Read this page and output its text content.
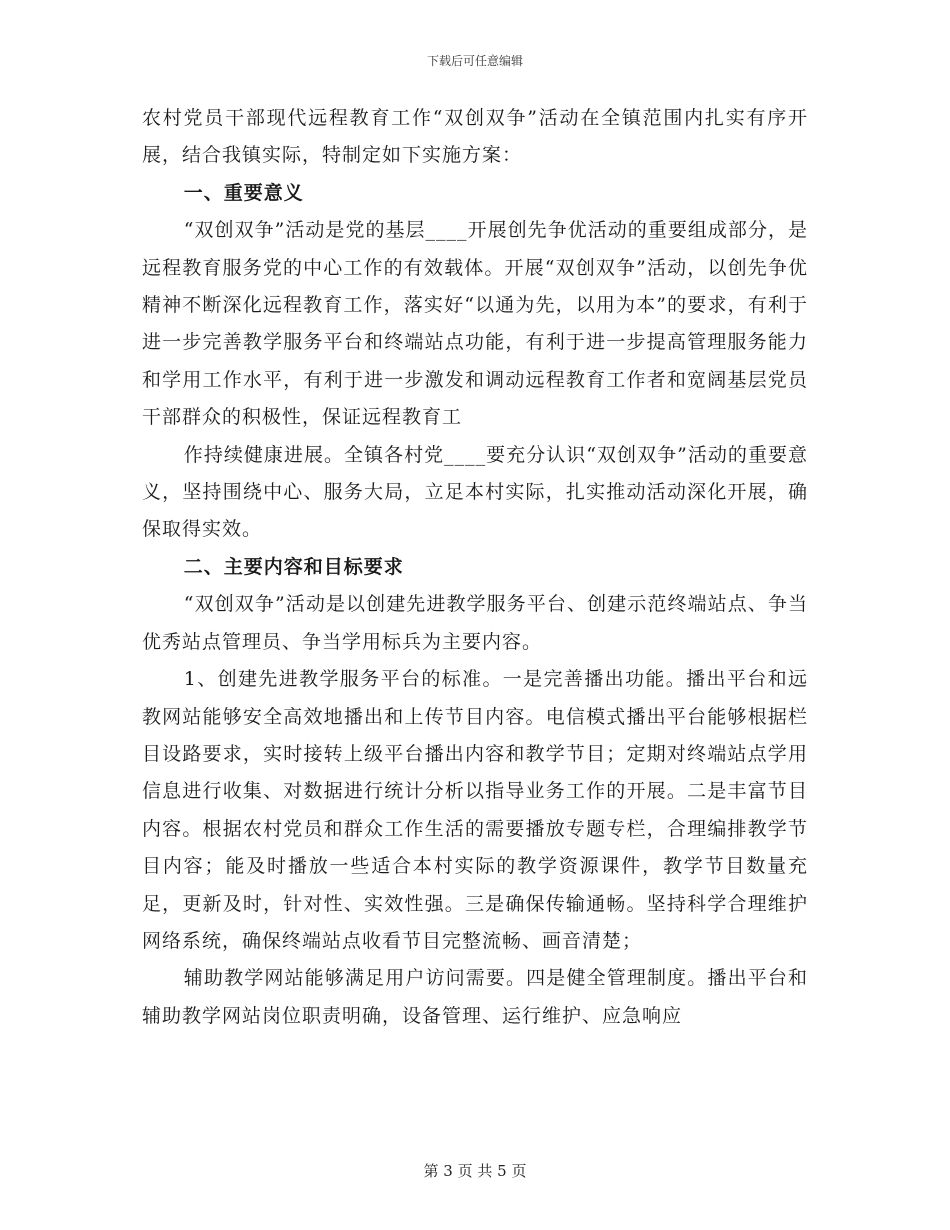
下载后可任意编辑

农村党员干部现代远程教育工作“双创双争”活动在全镇范围内扎实有序开展，结合我镇实际，特制定如下实施方案：

一、重要意义

“双创双争”活动是党的基层____开展创先争优活动的重要组成部分，是远程教育服务党的中心工作的有效载体。开展“双创双争”活动，以创先争优精神不断深化远程教育工作，落实好“以通为先，以用为本”的要求，有利于进一步完善教学服务平台和终端站点功能，有利于进一步提高管理服务能力和学用工作水平，有利于进一步激发和调动远程教育工作者和宽阔基层党员干部群众的积极性，保证远程教育工

作持续健康进展。全镇各村党____要充分认识“双创双争”活动的重要意义，坚持围绕中心、服务大局，立足本村实际，扎实推动活动深化开展，确保取得实效。

二、主要内容和目标要求

“双创双争”活动是以创建先进教学服务平台、创建示范终端站点、争当优秀站点管理员、争当学用标兵为主要内容。

1、创建先进教学服务平台的标准。一是完善播出功能。播出平台和远教网站能够安全高效地播出和上传节目内容。电信模式播出平台能够根据栏目设路要求，实时接转上级平台播出内容和教学节目；定期对终端站点学用信息进行收集、对数据进行统计分析以指导业务工作的开展。二是丰富节目内容。根据农村党员和群众工作生活的需要播放专题专栏，合理编排教学节目内容；能及时播放一些适合本村实际的教学资源课件，教学节目数量充足，更新及时，针对性、实效性强。三是确保传输通畅。坚持科学合理维护网络系统，确保终端站点收看节目完整流畅、画音清楚；

辅助教学网站能够满足用户访问需要。四是健全管理制度。播出平台和辅助教学网站岗位职责明确，设备管理、运行维护、应急响应

第 3 页 共 5 页
